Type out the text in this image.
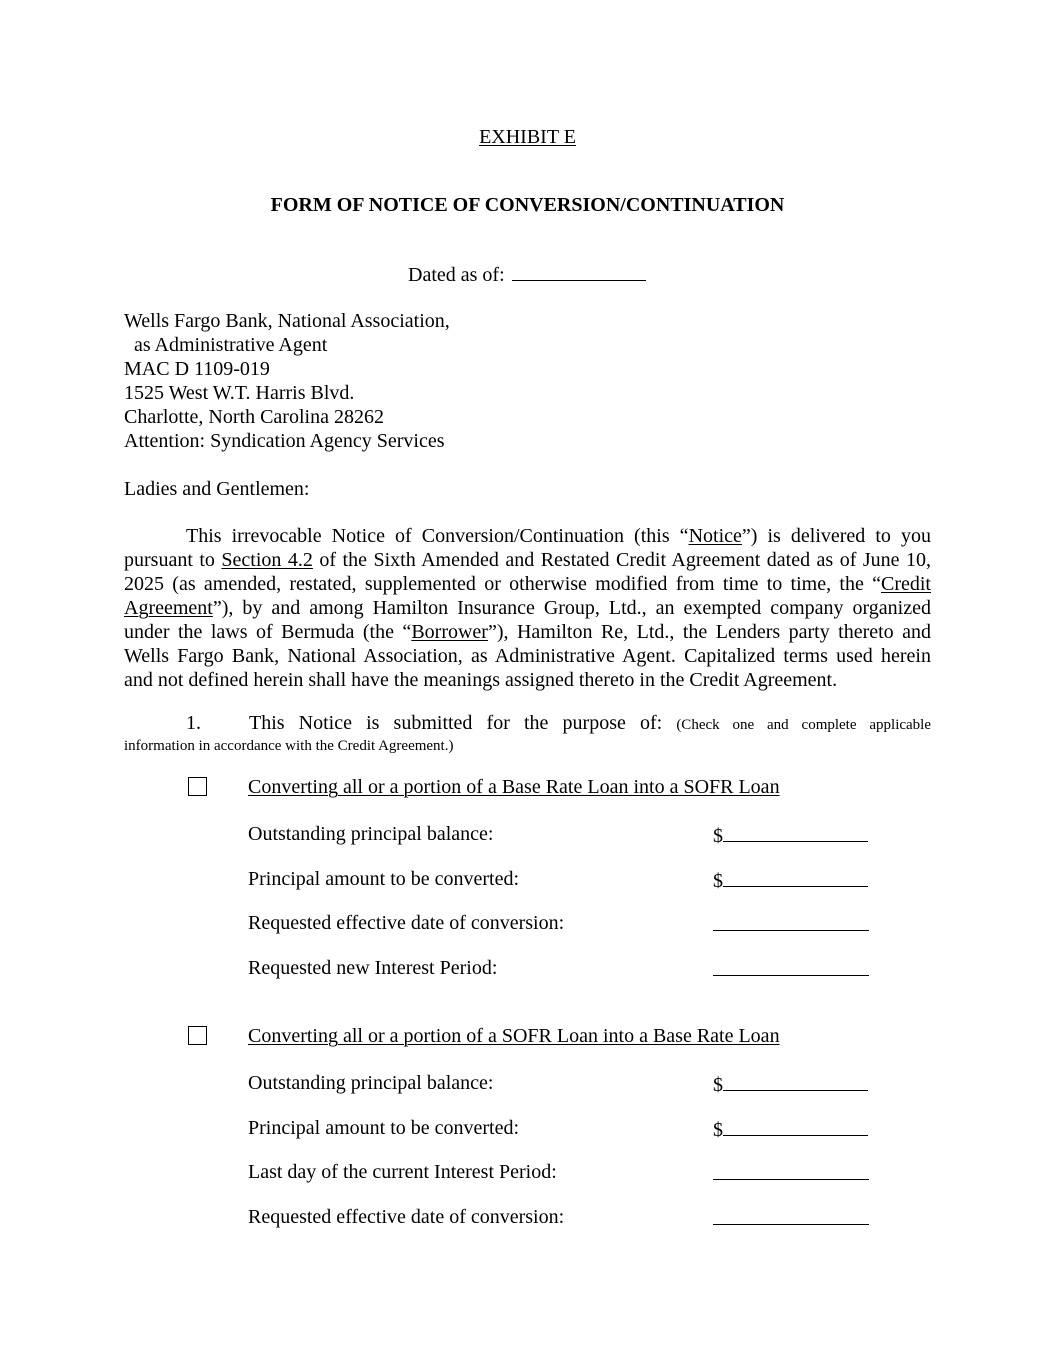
EXHIBIT E
FORM OF NOTICE OF CONVERSION/CONTINUATION
Dated as of:
Wells Fargo Bank, National Association,
as Administrative Agent
MAC D 1109-019
1525 West W.T. Harris Blvd.
Charlotte, North Carolina 28262
Attention: Syndication Agency Services
Ladies and Gentlemen:
This irrevocable Notice of Conversion/Continuation (this “Notice”) is delivered to you
pursuant to Section 4.2 of the Sixth Amended and Restated Credit Agreement dated as of June 10,
2025 (as amended, restated, supplemented or otherwise modified from time to time, the “Credit
Agreement”), by and among Hamilton Insurance Group, Ltd., an exempted company organized
under the laws of Bermuda (the “Borrower”), Hamilton Re, Ltd., the Lenders party thereto and
Wells Fargo Bank, National Association, as Administrative Agent. Capitalized terms used herein
and not defined herein shall have the meanings assigned thereto in the Credit Agreement.
1. This Notice is submitted for the purpose of: (Check one and complete applicable
information in accordance with the Credit Agreement.)
Converting all or a portion of a Base Rate Loan into a SOFR Loan
Outstanding principal balance:	$
Principal amount to be converted:	$
Requested effective date of conversion:
Requested new Interest Period:
Converting all or a portion of a SOFR Loan into a Base Rate Loan
Outstanding principal balance:	$
Principal amount to be converted:	$
Last day of the current Interest Period:
Requested effective date of conversion:
